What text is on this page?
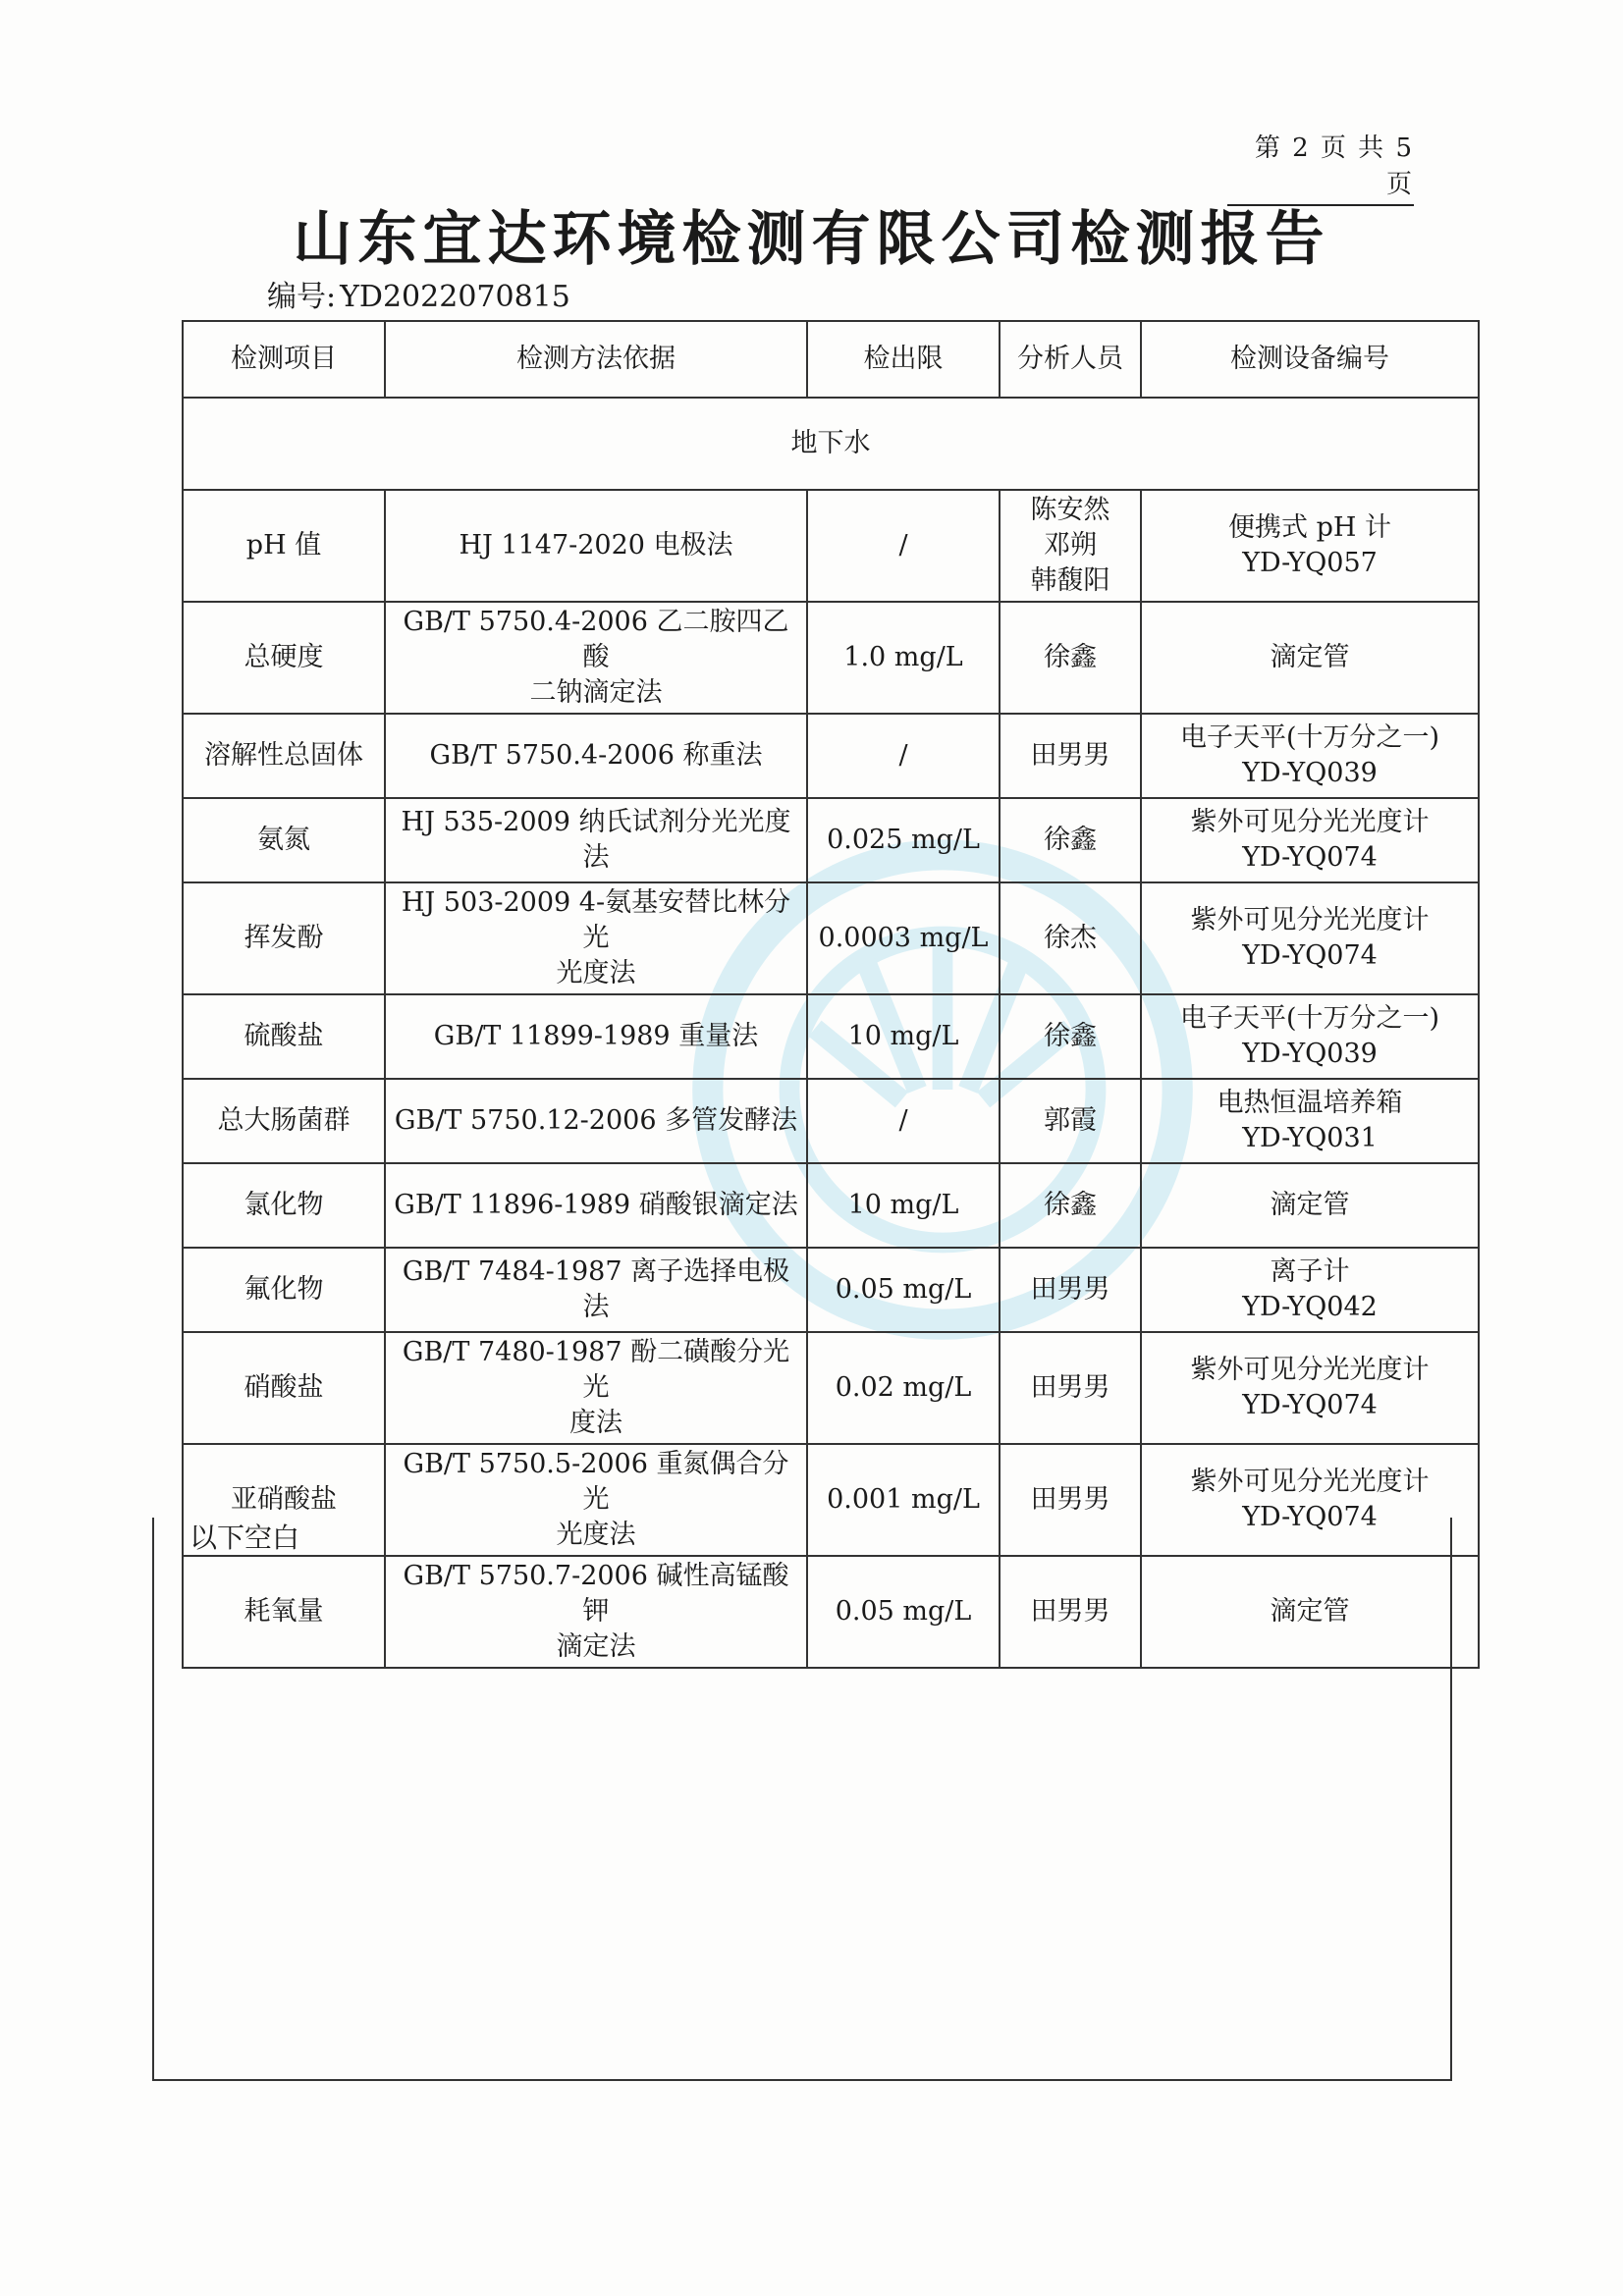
第 2 页 共 5 页
山东宜达环境检测有限公司检测报告
编号: YD2022070815
检测项目	检测方法依据	检出限	分析人员	检测设备编号
地下水				
pH 值	HJ 1147-2020 电极法	/	陈安然
邓朔
韩馥阳	便携式 pH 计
YD-YQ057
总硬度	GB/T 5750.4-2006 乙二胺四乙酸
二钠滴定法	1.0 mg/L	徐鑫	滴定管
溶解性总固体	GB/T 5750.4-2006 称重法	/	田男男	电子天平(十万分之一)
YD-YQ039
氨氮	HJ 535-2009 纳氏试剂分光光度
法	0.025 mg/L	徐鑫	紫外可见分光光度计
YD-YQ074
挥发酚	HJ 503-2009 4-氨基安替比林分光
光度法	0.0003 mg/L	徐杰	紫外可见分光光度计
YD-YQ074
硫酸盐	GB/T 11899-1989 重量法	10 mg/L	徐鑫	电子天平(十万分之一)
YD-YQ039
总大肠菌群	GB/T 5750.12-2006 多管发酵法	/	郭霞	电热恒温培养箱
YD-YQ031
氯化物	GB/T 11896-1989 硝酸银滴定法	10 mg/L	徐鑫	滴定管
氟化物	GB/T 7484-1987 离子选择电极法	0.05 mg/L	田男男	离子计
YD-YQ042
硝酸盐	GB/T 7480-1987 酚二磺酸分光光
度法	0.02 mg/L	田男男	紫外可见分光光度计
YD-YQ074
亚硝酸盐	GB/T 5750.5-2006 重氮偶合分光
光度法	0.001 mg/L	田男男	紫外可见分光光度计
YD-YQ074
耗氧量	GB/T 5750.7-2006 碱性高锰酸钾
滴定法	0.05 mg/L	田男男	滴定管
以下空白
